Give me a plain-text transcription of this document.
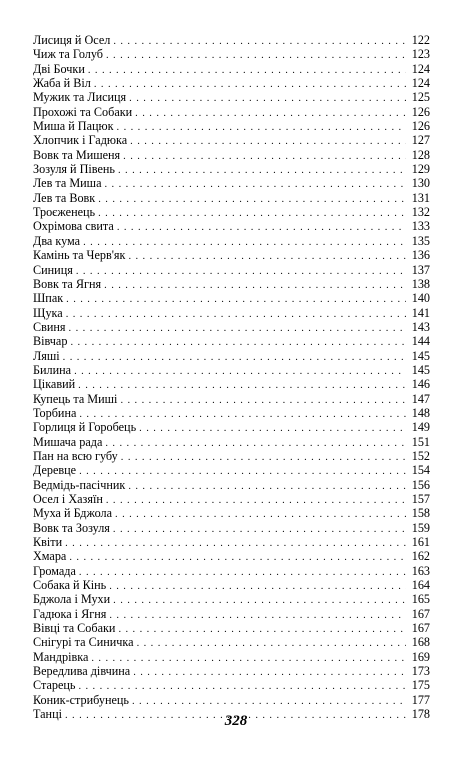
Лисиця й Осел . . .	122
Чиж та Голуб . . .	123
Дві Бочки . . .	124
Жаба й Віл . . .	124
Мужик та Лисиця . . .	125
Прохожі та Собаки . . .	126
Миша й Пацюк . . .	126
Хлопчик і Гадюка . . .	127
Вовк та Мишеня . . .	128
Зозуля й Півень . . .	129
Лев та Миша . . .	130
Лев та Вовк . . .	131
Троєженець . . .	132
Охрімова свита . . .	133
Два кума . . .	135
Камінь та Черв'як . . .	136
Синиця . . .	137
Вовк та Ягня . . .	138
Шпак . . .	140
Щука . . .	141
Свиня . . .	143
Вівчар . . .	144
Ляші . . .	145
Билина . . .	145
Цікавий . . .	146
Купець та Миші . . .	147
Торбина . . .	148
Горлиця й Горобець . . .	149
Мишача рада . . .	151
Пан на всю губу . . .	152
Деревце . . .	154
Ведмідь-пасічник . . .	156
Осел і Хазяїн . . .	157
Муха й Бджола . . .	158
Вовк та Зозуля . . .	159
Квіти . . .	161
Хмара . . .	162
Громада . . .	163
Собака й Кінь . . .	164
Бджола і Мухи . . .	165
Гадюка і Ягня . . .	167
Вівці та Собаки . . .	167
Снігурі та Синичка . . .	168
Мандрівка . . .	169
Вередлива дівчина . . .	173
Старець . . .	175
Коник-стрибунець . . .	177
Танці . . .	178
328
